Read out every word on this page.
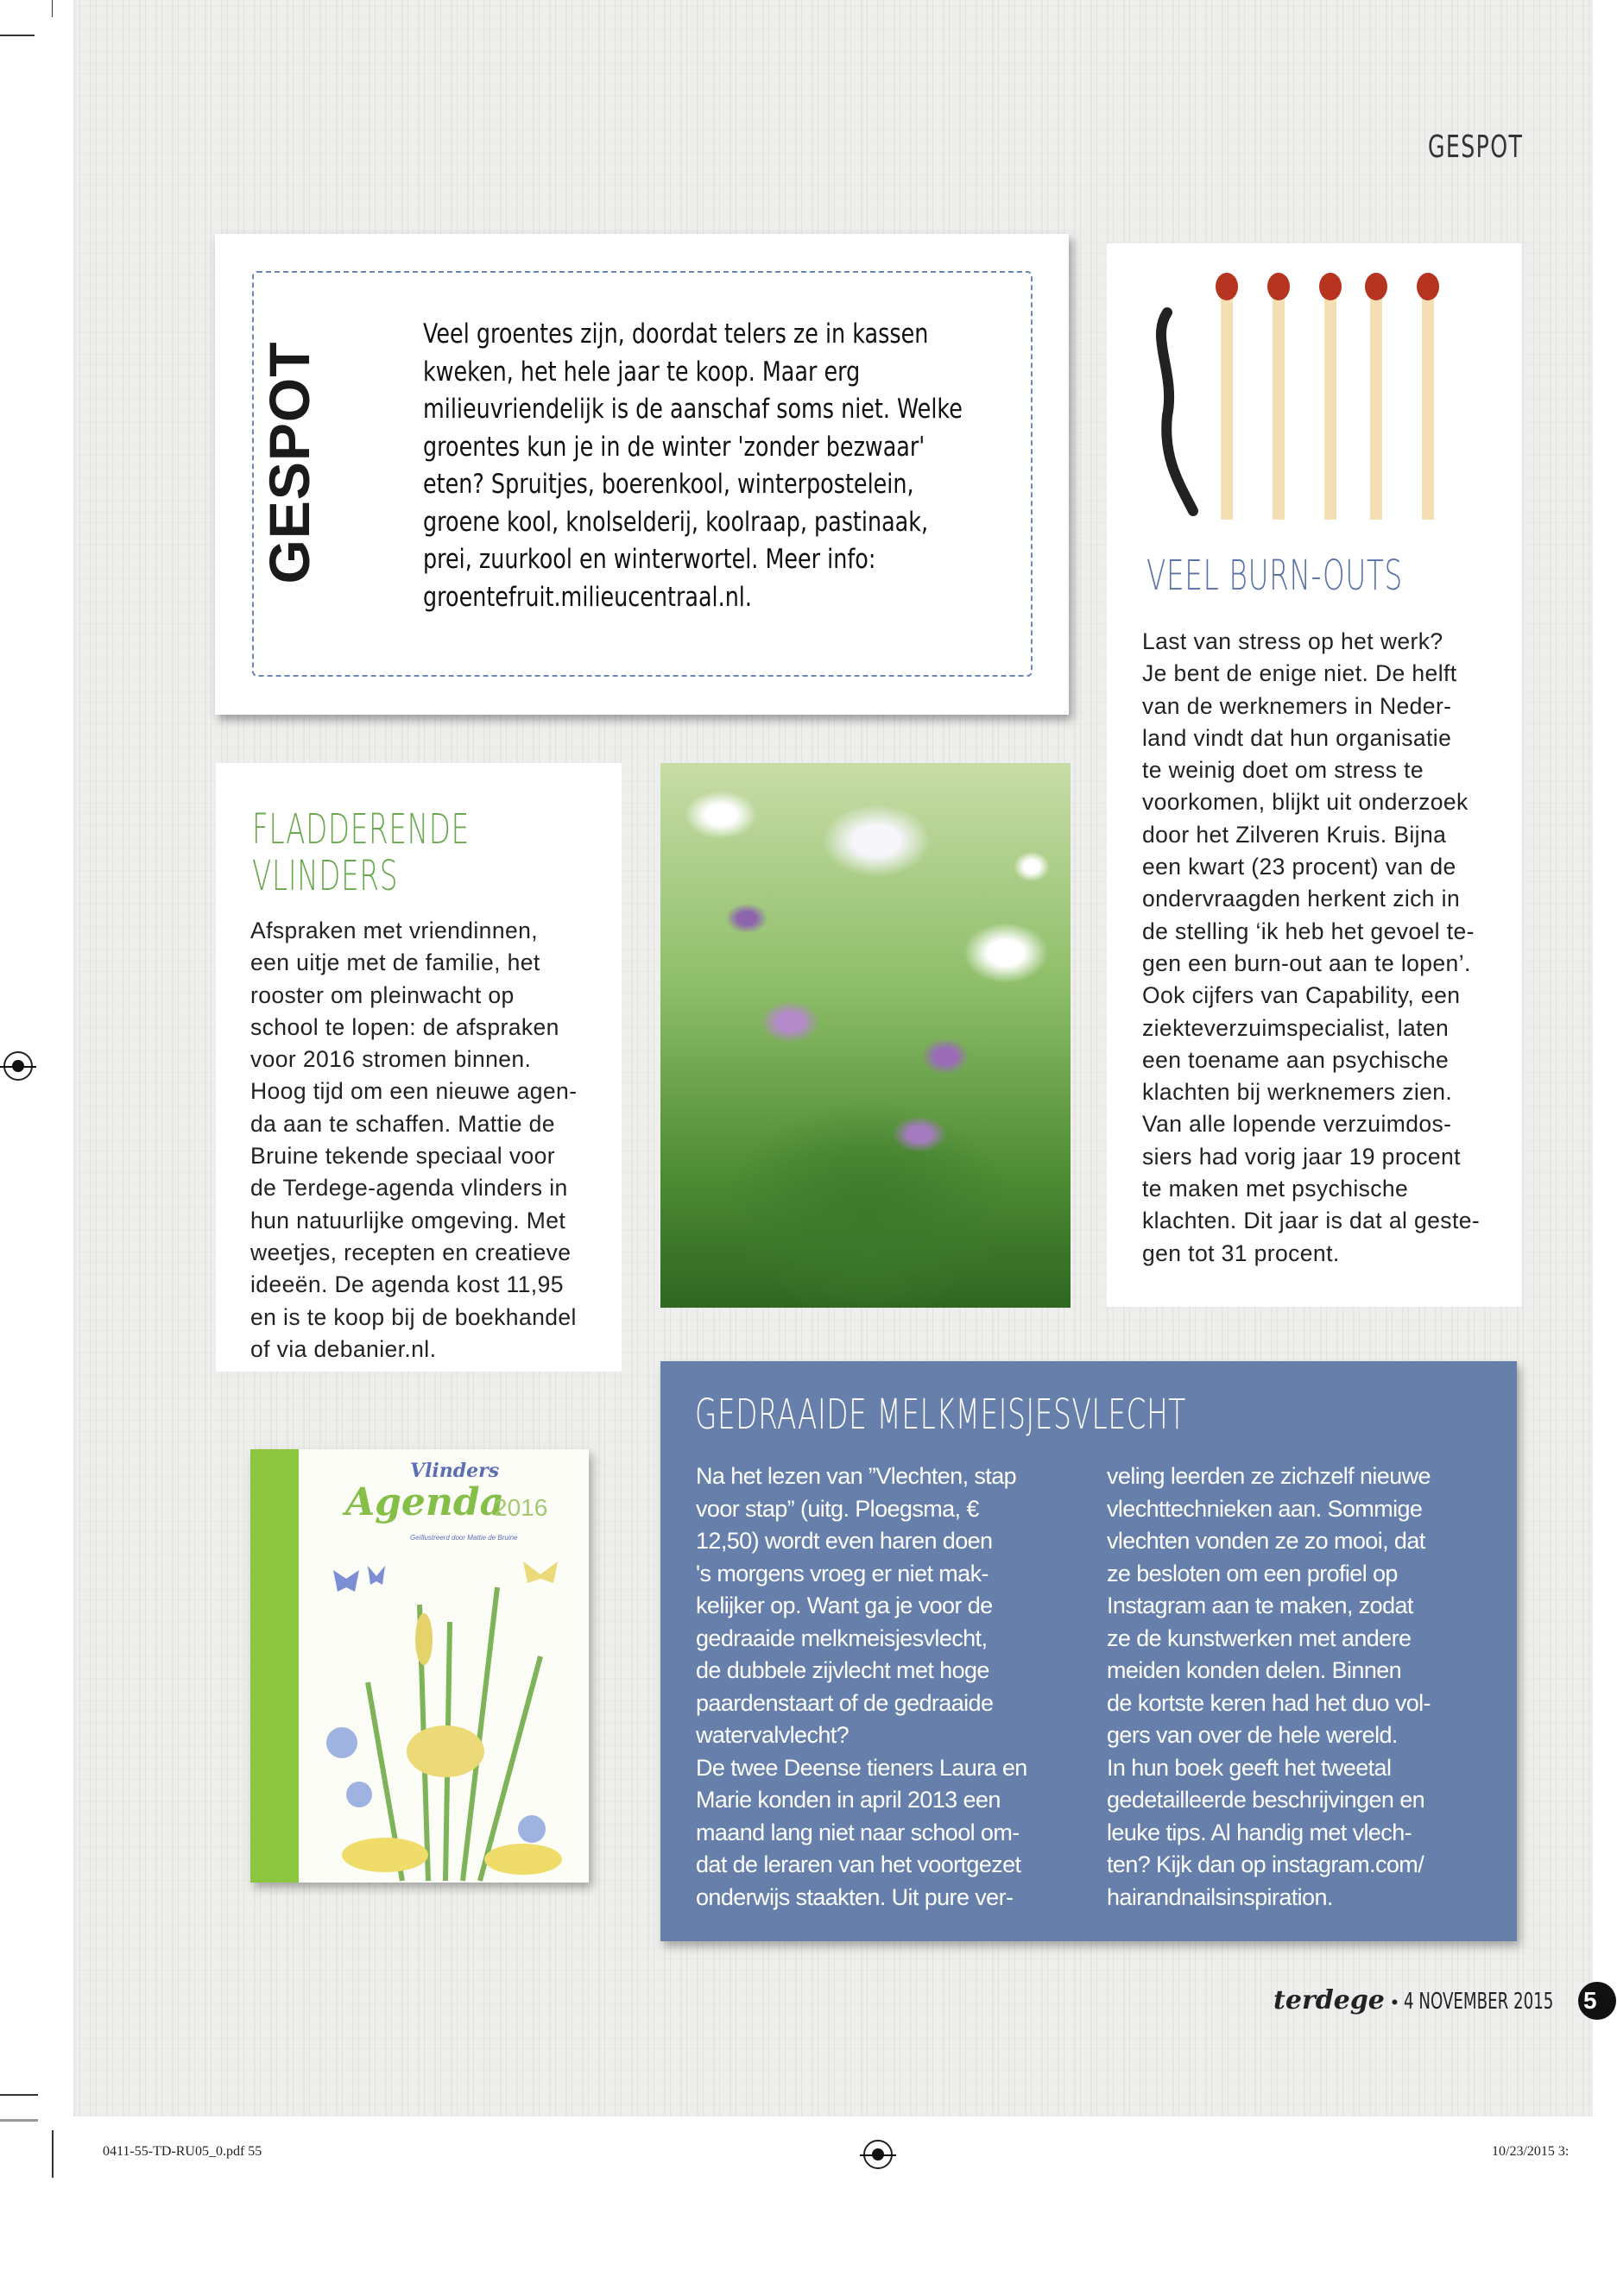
GESPOT
GESPOT
Veel groentes zijn, doordat telers ze in kassen
kweken, het hele jaar te koop. Maar erg
milieuvriendelijk is de aanschaf soms niet. Welke
groentes kun je in de winter 'zonder bezwaar'
eten? Spruitjes, boerenkool, winterpostelein,
groene kool, knolselderij, koolraap, pastinaak,
prei, zuurkool en winterwortel. Meer info:
groentefruit.milieucentraal.nl.	VEEL BURN-OUTS
Last van stress op het werk?
Je bent de enige niet. De helft
van de werknemers in Neder-
land vindt dat hun organisatie
te weinig doet om stress te
voorkomen, blijkt uit onderzoek
door het Zilveren Kruis. Bijna
een kwart (23 procent) van de
ondervraagden herkent zich in
de stelling ‘ik heb het gevoel te-
gen een burn-out aan te lopen’.
Ook cijfers van Capability, een
ziekteverzuimspecialist, laten
een toename aan psychische
klachten bij werknemers zien.
Van alle lopende verzuimdos-
siers had vorig jaar 19 procent
te maken met psychische
klachten. Dit jaar is dat al geste-
gen tot 31 procent.
FLADDERENDE
VLINDERS
Afspraken met vriendinnen,
een uitje met de familie, het
rooster om pleinwacht op
school te lopen: de afspraken
voor 2016 stromen binnen.
Hoog tijd om een nieuwe agen-
da aan te schaffen. Mattie de
Bruine tekende speciaal voor
de Terdege-agenda vlinders in
hun natuurlijke omgeving. Met
weetjes, recepten en creatieve
ideeën. De agenda kost 11,95
en is te koop bij de boekhandel
of via debanier.nl.
Vlinders
Agenda
2016
Geïllustreerd door Mattie de Bruine
GEDRAAIDE MELKMEISJESVLECHT
Na het lezen van ”Vlechten, stap
voor stap” (uitg. Ploegsma, €
12,50) wordt even haren doen
's morgens vroeg er niet mak-
kelijker op. Want ga je voor de
gedraaide melkmeisjesvlecht,
de dubbele zijvlecht met hoge
paardenstaart of de gedraaide
watervalvlecht?
De twee Deense tieners Laura en
Marie konden in april 2013 een
maand lang niet naar school om-
dat de leraren van het voortgezet
onderwijs staakten. Uit pure ver-
veling leerden ze zichzelf nieuwe
vlechttechnieken aan. Sommige
vlechten vonden ze zo mooi, dat
ze besloten om een profiel op
Instagram aan te maken, zodat
ze de kunstwerken met andere
meiden konden delen. Binnen
de kortste keren had het duo vol-
gers van over de hele wereld.
In hun boek geeft het tweetal
gedetailleerde beschrijvingen en
leuke tips. Al handig met vlech-
ten? Kijk dan op instagram.com/
hairandnailsinspiration.
terdege • 4 NOVEMBER 2015	5
0411-55-TD-RU05_0.pdf 55	10/23/2015 3:
